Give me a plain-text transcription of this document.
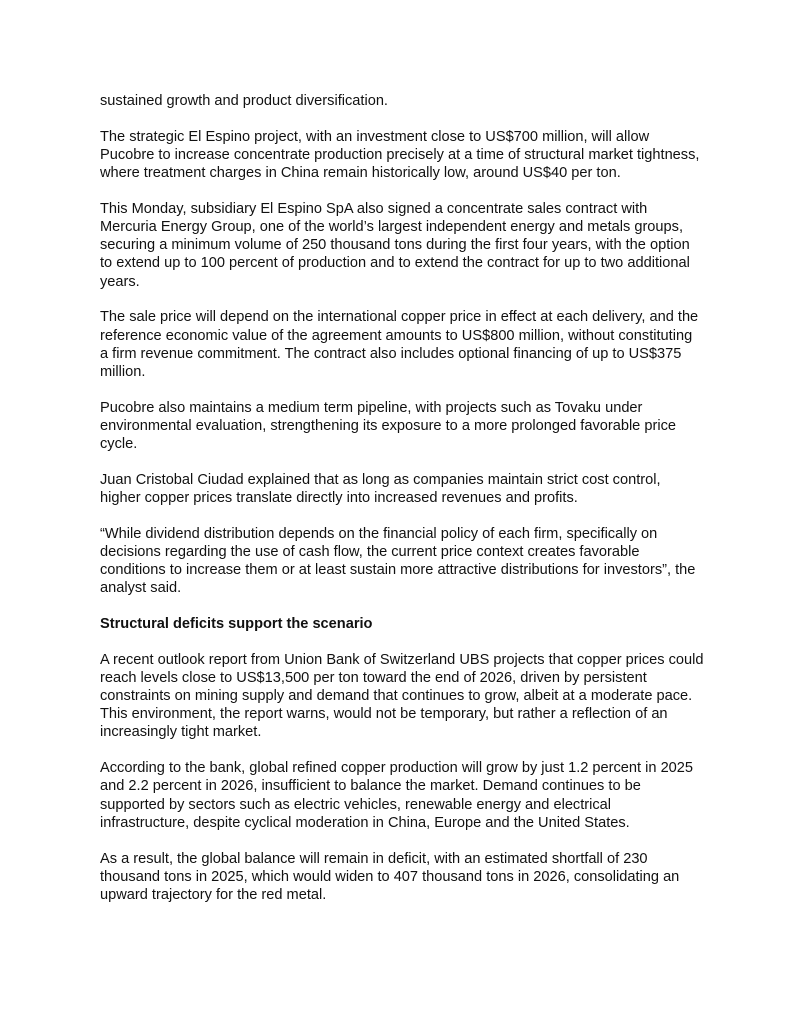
sustained growth and product diversification.

The strategic El Espino project, with an investment close to US$700 million, will allow Pucobre to increase concentrate production precisely at a time of structural market tightness, where treatment charges in China remain historically low, around US$40 per ton.

This Monday, subsidiary El Espino SpA also signed a concentrate sales contract with Mercuria Energy Group, one of the world’s largest independent energy and metals groups, securing a minimum volume of 250 thousand tons during the first four years, with the option to extend up to 100 percent of production and to extend the contract for up to two additional years.

The sale price will depend on the international copper price in effect at each delivery, and the reference economic value of the agreement amounts to US$800 million, without constituting a firm revenue commitment. The contract also includes optional financing of up to US$375 million.

Pucobre also maintains a medium term pipeline, with projects such as Tovaku under environmental evaluation, strengthening its exposure to a more prolonged favorable price cycle.

Juan Cristobal Ciudad explained that as long as companies maintain strict cost control, higher copper prices translate directly into increased revenues and profits.

“While dividend distribution depends on the financial policy of each firm, specifically on decisions regarding the use of cash flow, the current price context creates favorable conditions to increase them or at least sustain more attractive distributions for investors”, the analyst said.

Structural deficits support the scenario

A recent outlook report from Union Bank of Switzerland UBS projects that copper prices could reach levels close to US$13,500 per ton toward the end of 2026, driven by persistent constraints on mining supply and demand that continues to grow, albeit at a moderate pace. This environment, the report warns, would not be temporary, but rather a reflection of an increasingly tight market.

According to the bank, global refined copper production will grow by just 1.2 percent in 2025 and 2.2 percent in 2026, insufficient to balance the market. Demand continues to be supported by sectors such as electric vehicles, renewable energy and electrical infrastructure, despite cyclical moderation in China, Europe and the United States.

As a result, the global balance will remain in deficit, with an estimated shortfall of 230 thousand tons in 2025, which would widen to 407 thousand tons in 2026, consolidating an upward trajectory for the red metal.
